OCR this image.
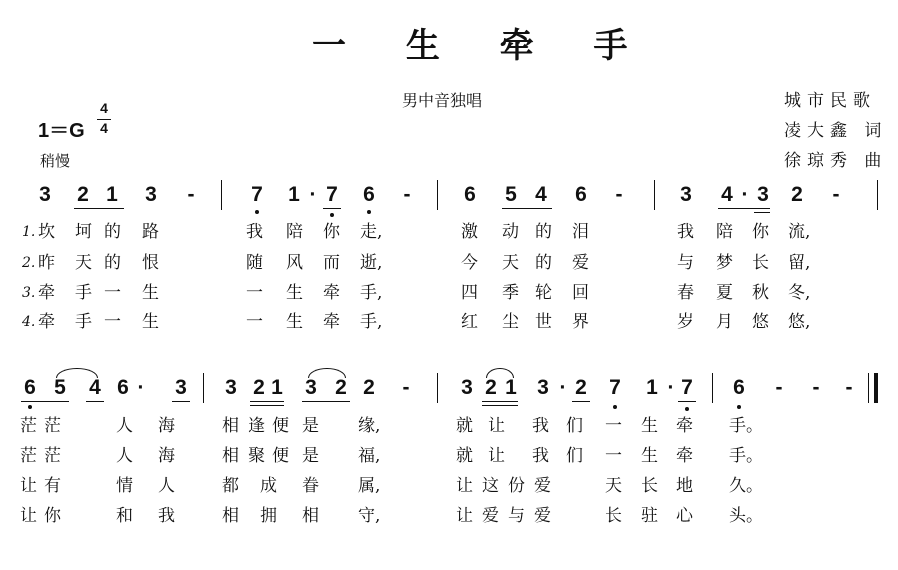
一 生 牵 手
男中音独唱	城市民歌
凌大鑫 词
徐琼秀 曲
1＝G
4
4
稍慢
3 2 1 3	-	7 1 · 7 6	-	6 5 4 6	-	3 4 · 3 2	-
1. 坎 坷 的 路	我 陪 你 走,	激 动 的 泪	我 陪 你 流,
2. 昨 天 的 恨	随 风 而 逝,	今 天 的 爱	与 梦 长 留,
3. 牵 手 一 生	一 生 牵 手,	四 季 轮 回	春 夏 秋 冬,
4. 牵 手 一 生	一 生 牵 手,	红 尘 世 界	岁 月 悠 悠,
6 5 4 6 ·	3 3 2 1 3 2 2	-	3 2 1 3 · 2 7 1 · 7 6	-	-	-
茫 茫	人 海	相 逢 便 是 缘,	就 让 我 们 一 生 牵 手。
茫 茫	人 海	相 聚 便 是 福,	就 让 我 们 一 生 牵 手。
让 有	情 人	都 成 眷 属,	让 这 份 爱	天 长 地 久。
让 你	和 我	相 拥 相 守,	让 爱 与 爱	长 驻 心 头。
